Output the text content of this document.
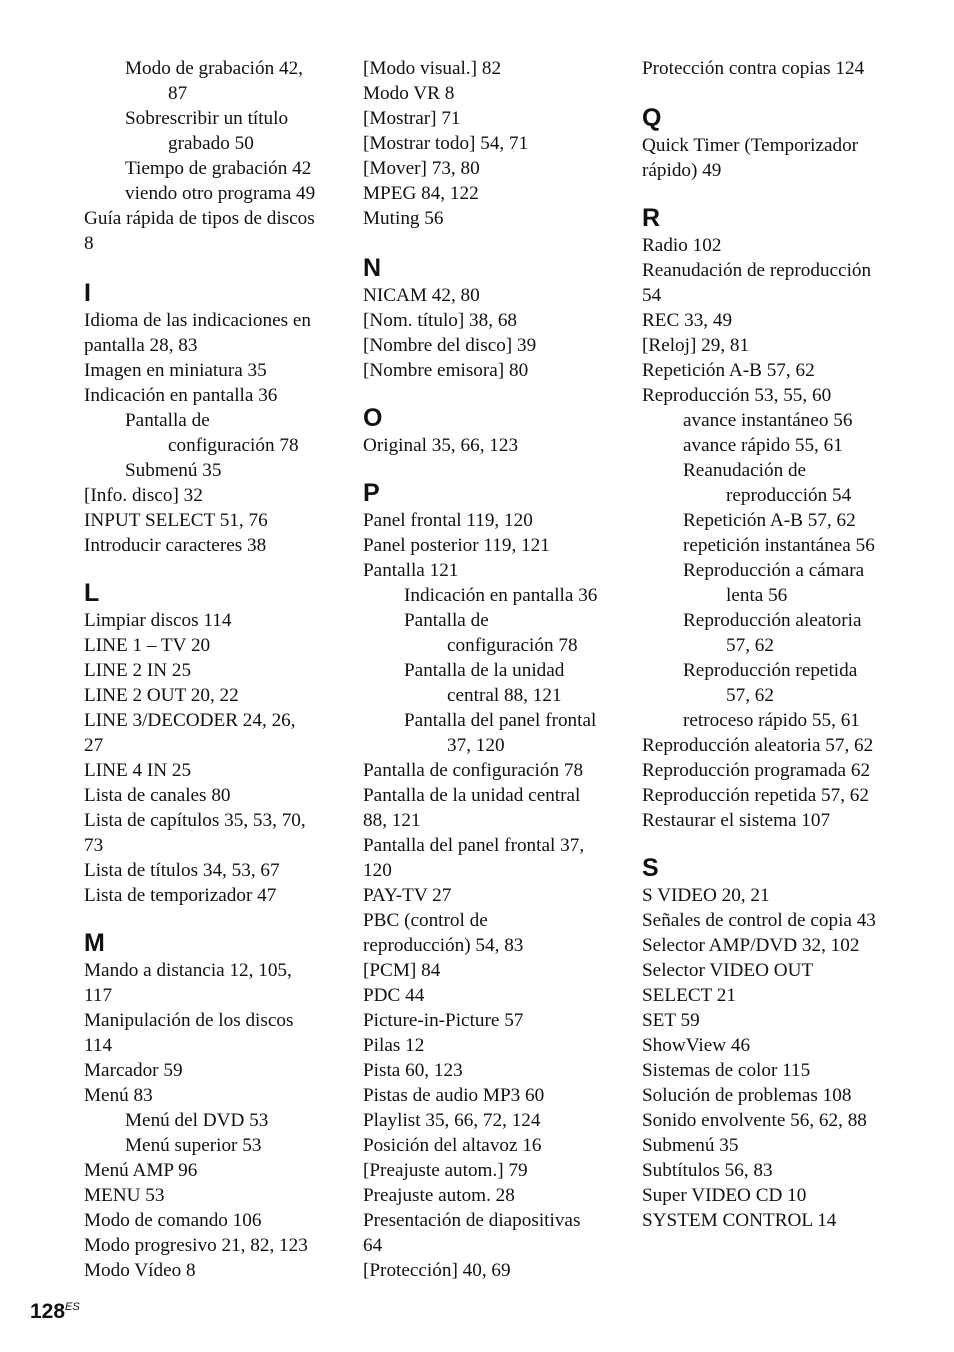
Modo de grabación 42,
87
Sobrescribir un título
grabado 50
Tiempo de grabación 42
viendo otro programa 49
Guía rápida de tipos de discos
8
I
Idioma de las indicaciones en
pantalla 28, 83
Imagen en miniatura 35
Indicación en pantalla 36
Pantalla de
configuración 78
Submenú 35
[Info. disco] 32
INPUT SELECT 51, 76
Introducir caracteres 38
L
Limpiar discos 114
LINE 1 – TV 20
LINE 2 IN 25
LINE 2 OUT 20, 22
LINE 3/DECODER 24, 26,
27
LINE 4 IN 25
Lista de canales 80
Lista de capítulos 35, 53, 70,
73
Lista de títulos 34, 53, 67
Lista de temporizador 47
M
Mando a distancia 12, 105,
117
Manipulación de los discos
114
Marcador 59
Menú 83
Menú del DVD 53
Menú superior 53
Menú AMP 96
MENU 53
Modo de comando 106
Modo progresivo 21, 82, 123
Modo Vídeo 8
[Modo visual.] 82
Modo VR 8
[Mostrar] 71
[Mostrar todo] 54, 71
[Mover] 73, 80
MPEG 84, 122
Muting 56
N
NICAM 42, 80
[Nom. título] 38, 68
[Nombre del disco] 39
[Nombre emisora] 80
O
Original 35, 66, 123
P
Panel frontal 119, 120
Panel posterior 119, 121
Pantalla 121
Indicación en pantalla 36
Pantalla de
configuración 78
Pantalla de la unidad
central 88, 121
Pantalla del panel frontal
37, 120
Pantalla de configuración 78
Pantalla de la unidad central
88, 121
Pantalla del panel frontal 37,
120
PAY-TV 27
PBC (control de
reproducción) 54, 83
[PCM] 84
PDC 44
Picture-in-Picture 57
Pilas 12
Pista 60, 123
Pistas de audio MP3 60
Playlist 35, 66, 72, 124
Posición del altavoz 16
[Preajuste autom.] 79
Preajuste autom. 28
Presentación de diapositivas
64
[Protección] 40, 69
Protección contra copias 124
Q
Quick Timer (Temporizador
rápido) 49
R
Radio 102
Reanudación de reproducción
54
REC 33, 49
[Reloj] 29, 81
Repetición A-B 57, 62
Reproducción 53, 55, 60
avance instantáneo 56
avance rápido 55, 61
Reanudación de
reproducción 54
Repetición A-B 57, 62
repetición instantánea 56
Reproducción a cámara
lenta 56
Reproducción aleatoria
57, 62
Reproducción repetida
57, 62
retroceso rápido 55, 61
Reproducción aleatoria 57, 62
Reproducción programada 62
Reproducción repetida 57, 62
Restaurar el sistema 107
S
S VIDEO 20, 21
Señales de control de copia 43
Selector AMP/DVD 32, 102
Selector VIDEO OUT
SELECT 21
SET 59
ShowView 46
Sistemas de color 115
Solución de problemas 108
Sonido envolvente 56, 62, 88
Submenú 35
Subtítulos 56, 83
Super VIDEO CD 10
SYSTEM CONTROL 14
$128^{ES}$
